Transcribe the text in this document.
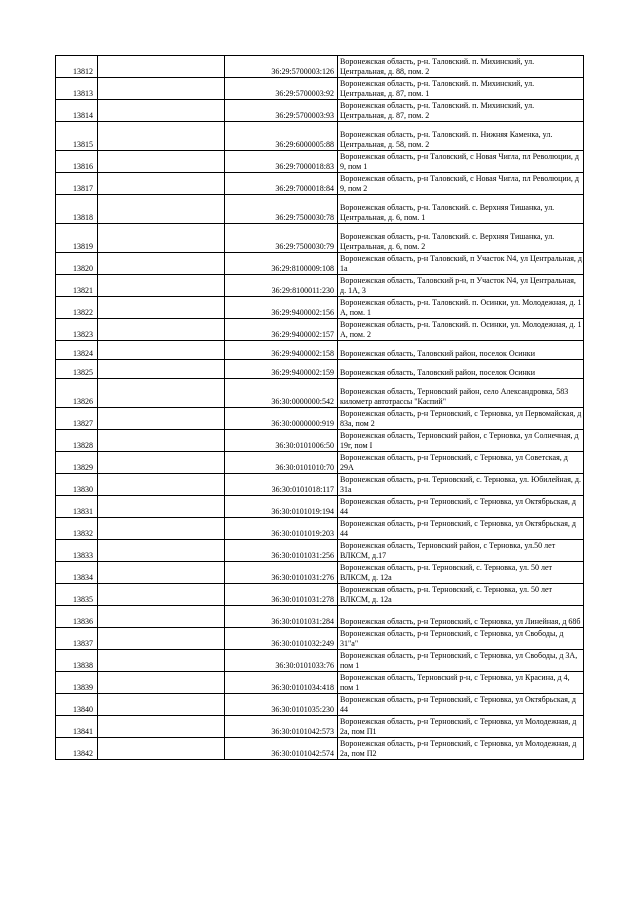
13812		36:29:5700003:126	Воронежская область, р-н. Таловский. п. Михинский, ул. Центральная, д. 88, пом. 2
13813		36:29:5700003:92	Воронежская область, р-н. Таловский. п. Михинский, ул. Центральная, д. 87, пом. 1
13814		36:29:5700003:93	Воронежская область, р-н. Таловский. п. Михинский, ул. Центральная, д. 87, пом. 2
13815		36:29:6000005:88	Воронежская область, р-н. Таловский. п. Нижняя Каменка, ул. Центральная, д. 58, пом. 2
13816		36:29:7000018:83	Воронежская область, р-н Таловский, с Новая Чигла, пл Революции, д 9, пом 1
13817		36:29:7000018:84	Воронежская область, р-н Таловский, с Новая Чигла, пл Революции, д 9, пом 2
13818		36:29:7500030:78	Воронежская область, р-н. Таловский. с. Верхняя Тишанка, ул. Центральная, д. 6, пом. 1
13819		36:29:7500030:79	Воронежская область, р-н. Таловский. с. Верхняя Тишанка, ул. Центральная, д. 6, пом. 2
13820		36:29:8100009:108	Воронежская область, р-н Таловский, п Участок N4, ул Центральная, д 1а
13821		36:29:8100011:230	Воронежская область, Таловский р-н, п Участок N4, ул Центральная, д. 1А, 3
13822		36:29:9400002:156	Воронежская область, р-н. Таловский. п. Осинки, ул. Молодежная, д. 1 А, пом. 1
13823		36:29:9400002:157	Воронежская область, р-н. Таловский. п. Осинки, ул. Молодежная, д. 1 А, пом. 2
13824		36:29:9400002:158	Воронежская область, Таловский район, поселок Осинки
13825		36:29:9400002:159	Воронежская область, Таловский район, поселок Осинки
13826		36:30:0000000:542	Воронежская область, Терновский район, село Александровка, 583 километр автотрассы "Каспий"
13827		36:30:0000000:919	Воронежская область, р-н Терновский, с Терновка, ул Первомайская, д 83а, пом 2
13828		36:30:0101006:50	Воронежская область, Терновский район, с Терновка, ул Солнечная, д 19г, пом I
13829		36:30:0101010:70	Воронежская область, р-н Терновский, с Терновка, ул Советская, д 29А
13830		36:30:0101018:117	Воронежская область, р-н. Терновский, с. Терновка, ул. Юбилейная, д. 31а
13831		36:30:0101019:194	Воронежская область, р-н Терновский, с Терновка, ул Октябрьская, д 44
13832		36:30:0101019:203	Воронежская область, р-н Терновский, с Терновка, ул Октябрьская, д 44
13833		36:30:0101031:256	Воронежская область, Терновский район, с Терновка, ул.50 лет ВЛКСМ, д.17
13834		36:30:0101031:276	Воронежская область, р-н. Терновский, с. Терновка, ул. 50 лет ВЛКСМ, д. 12а
13835		36:30:0101031:278	Воронежская область, р-н. Терновский, с. Терновка, ул. 50 лет ВЛКСМ, д. 12а
13836		36:30:0101031:284	Воронежская область, р-н Терновский, с Терновка, ул Линейная, д 68б
13837		36:30:0101032:249	Воронежская область, р-н Терновский, с Терновка, ул Свободы, д 31"а"
13838		36:30:0101033:76	Воронежская область, р-н Терновский, с Терновка, ул Свободы, д 3А, пом 1
13839		36:30:0101034:418	Воронежская область, Терновский р-н, с Терновка, ул Красина, д 4, пом 1
13840		36:30:0101035:230	Воронежская область, р-н Терновский, с Терновка, ул Октябрьская, д 44
13841		36:30:0101042:573	Воронежская область, р-н Терновский, с Терновка, ул Молодежная, д 2а, пом П1
13842		36:30:0101042:574	Воронежская область, р-н Терновский, с Терновка, ул Молодежная, д 2а, пом П2
